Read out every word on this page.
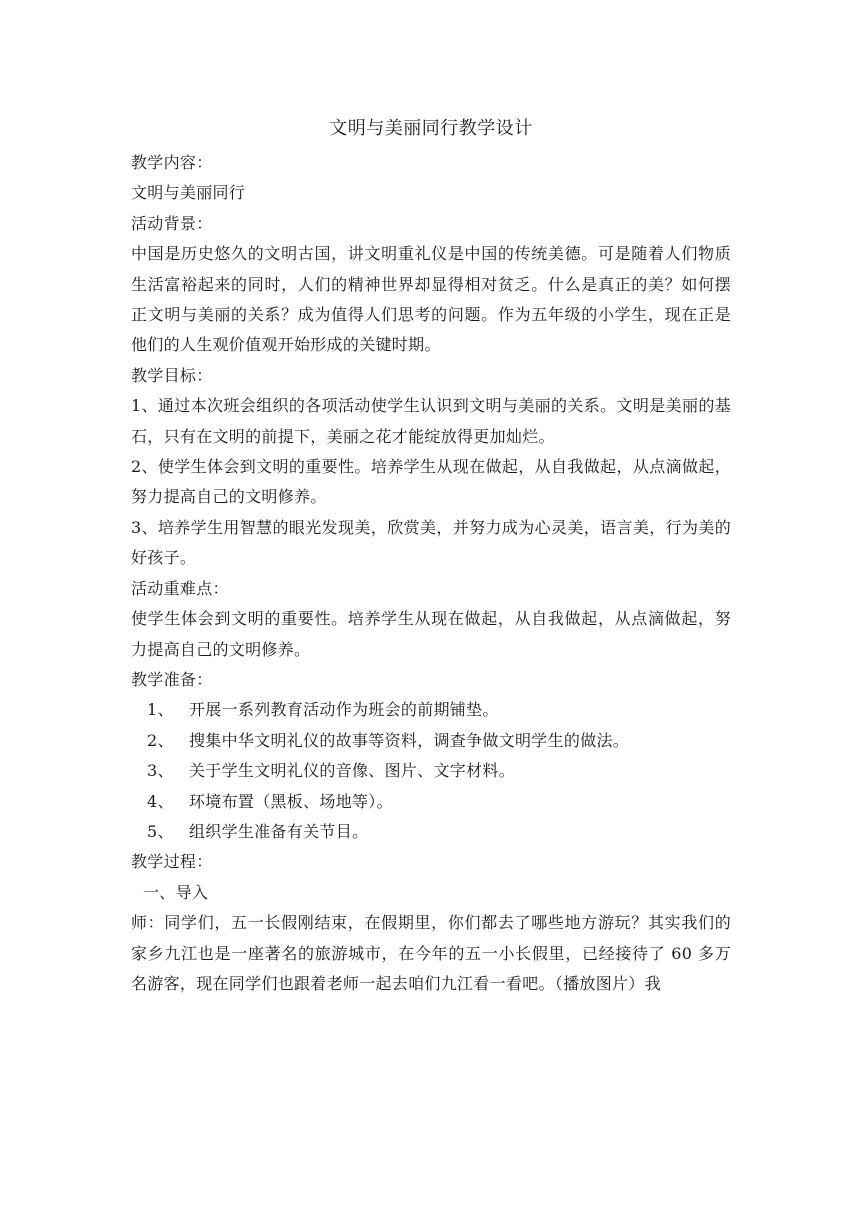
文明与美丽同行教学设计

教学内容：

文明与美丽同行

活动背景：

中国是历史悠久的文明古国，讲文明重礼仪是中国的传统美德。可是随着人们物质生活富裕起来的同时，人们的精神世界却显得相对贫乏。什么是真正的美？如何摆正文明与美丽的关系？成为值得人们思考的问题。作为五年级的小学生，现在正是他们的人生观价值观开始形成的关键时期。

教学目标：

1、通过本次班会组织的各项活动使学生认识到文明与美丽的关系。文明是美丽的基石，只有在文明的前提下，美丽之花才能绽放得更加灿烂。

2、使学生体会到文明的重要性。培养学生从现在做起，从自我做起，从点滴做起，努力提高自己的文明修养。

3、培养学生用智慧的眼光发现美，欣赏美，并努力成为心灵美，语言美，行为美的好孩子。

活动重难点：

使学生体会到文明的重要性。培养学生从现在做起，从自我做起，从点滴做起，努力提高自己的文明修养。

教学准备：

1、 开展一系列教育活动作为班会的前期铺垫。
2、 搜集中华文明礼仪的故事等资料，调查争做文明学生的做法。
3、 关于学生文明礼仪的音像、图片、文字材料。
4、 环境布置（黑板、场地等）。
5、 组织学生准备有关节目。

教学过程：

一、导入

师：同学们，五一长假刚结束，在假期里，你们都去了哪些地方游玩？其实我们的家乡九江也是一座著名的旅游城市，在今年的五一小长假里，已经接待了 60 多万名游客，现在同学们也跟着老师一起去咱们九江看一看吧。（播放图片）我
